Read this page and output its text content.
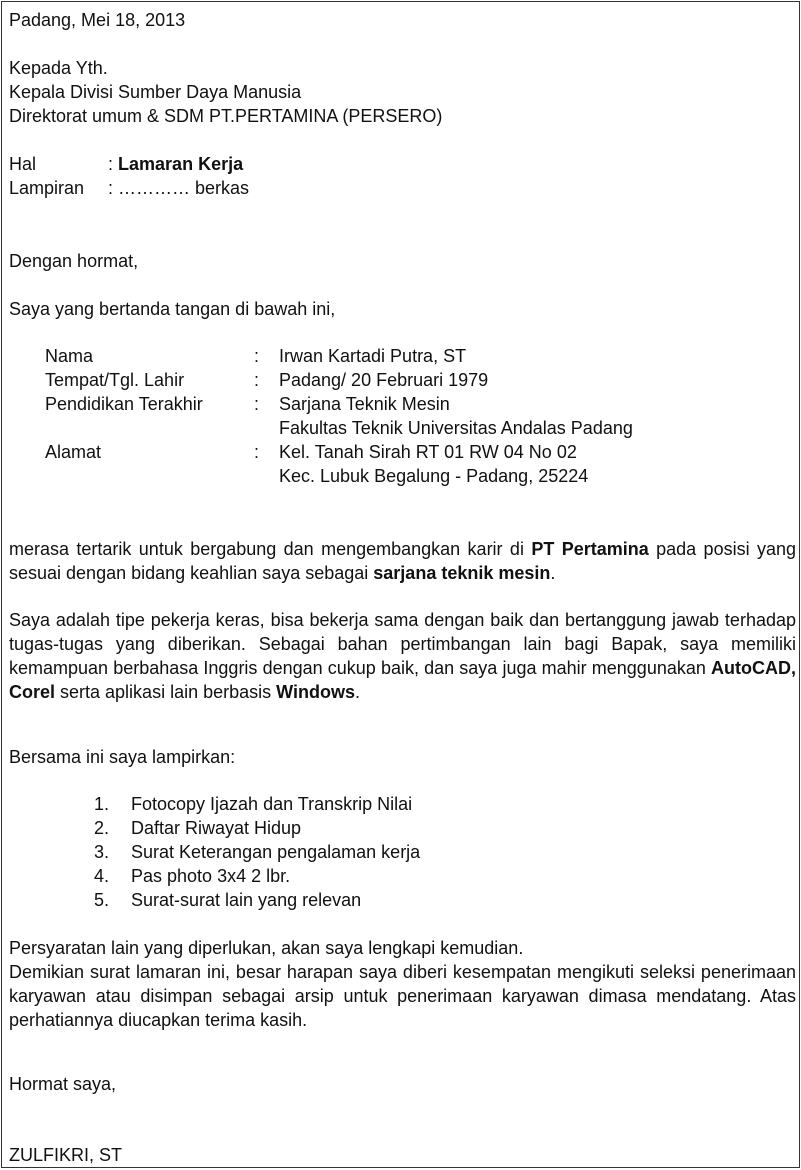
Padang, Mei 18, 2013
Kepada Yth.
Kepala Divisi Sumber Daya Manusia
Direktorat umum & SDM PT.PERTAMINA (PERSERO)
Hal	: Lamaran Kerja
Lampiran : ………… berkas
Dengan hormat,
Saya yang bertanda tangan di bawah ini,
Nama	: Irwan Kartadi Putra, ST
Tempat/Tgl. Lahir	: Padang/ 20 Februari 1979
Pendidikan Terakhir	: Sarjana Teknik Mesin
Fakultas Teknik Universitas Andalas Padang
Alamat	: Kel. Tanah Sirah RT 01 RW 04 No 02
Kec. Lubuk Begalung - Padang, 25224
merasa tertarik untuk bergabung dan mengembangkan karir di PT Pertamina pada posisi yang sesuai dengan bidang keahlian saya sebagai sarjana teknik mesin.
Saya adalah tipe pekerja keras, bisa bekerja sama dengan baik dan bertanggung jawab terhadap tugas-tugas yang diberikan. Sebagai bahan pertimbangan lain bagi Bapak, saya memiliki kemampuan berbahasa Inggris dengan cukup baik, dan saya juga mahir menggunakan AutoCAD, Corel serta aplikasi lain berbasis Windows.
Bersama ini saya lampirkan:
1. Fotocopy Ijazah dan Transkrip Nilai
2. Daftar Riwayat Hidup
3. Surat Keterangan pengalaman kerja
4. Pas photo 3x4 2 lbr.
5. Surat-surat lain yang relevan
Persyaratan lain yang diperlukan, akan saya lengkapi kemudian.
Demikian surat lamaran ini, besar harapan saya diberi kesempatan mengikuti seleksi penerimaan karyawan atau disimpan sebagai arsip untuk penerimaan karyawan dimasa mendatang. Atas perhatiannya diucapkan terima kasih.
Hormat saya,
ZULFIKRI, ST
